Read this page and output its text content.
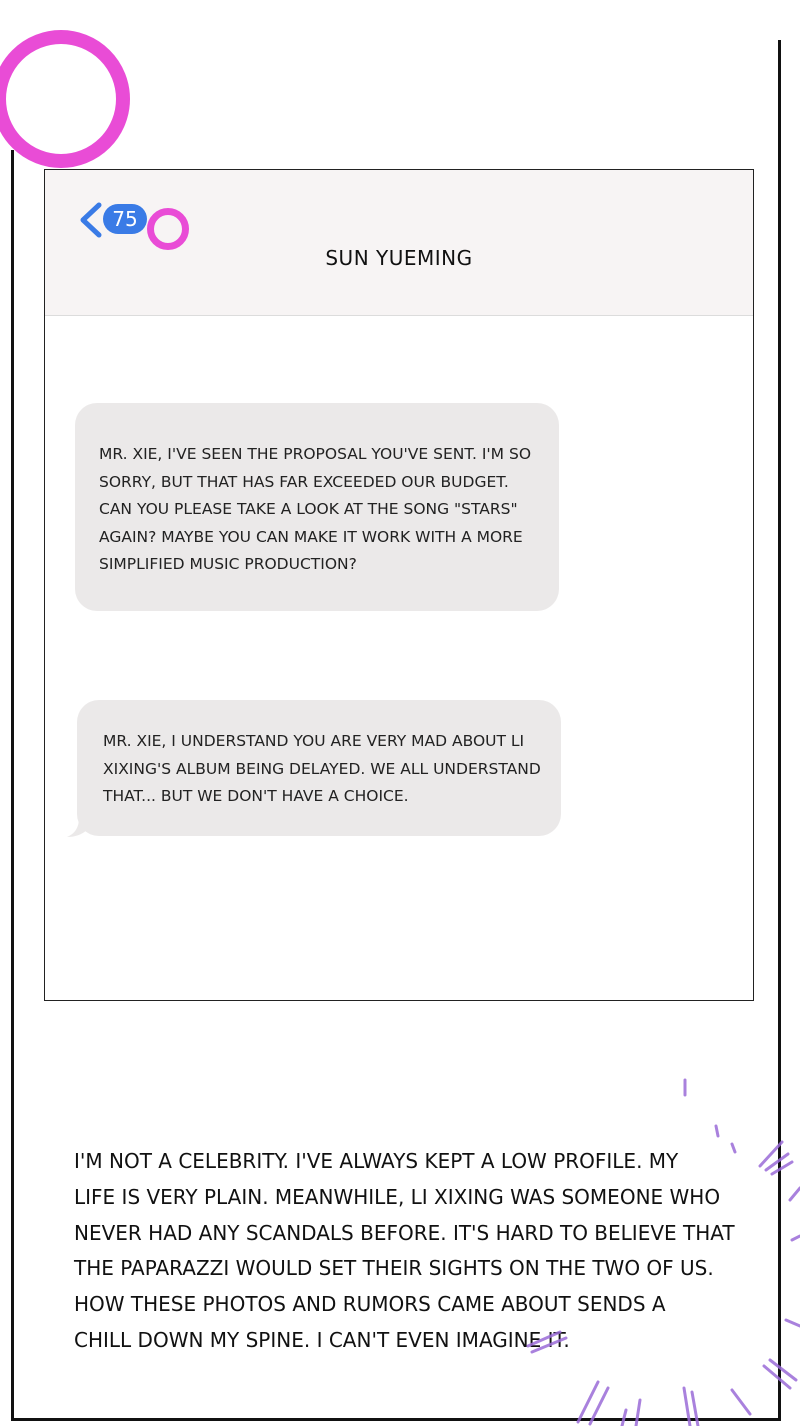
75
SUN YUEMING
MR. XIE, I'VE SEEN THE PROPOSAL YOU'VE SENT. I'M SO
SORRY, BUT THAT HAS FAR EXCEEDED OUR BUDGET.
CAN YOU PLEASE TAKE A LOOK AT THE SONG "STARS"
AGAIN? MAYBE YOU CAN MAKE IT WORK WITH A MORE
SIMPLIFIED MUSIC PRODUCTION?
MR. XIE, I UNDERSTAND YOU ARE VERY MAD ABOUT LI
XIXING'S ALBUM BEING DELAYED. WE ALL UNDERSTAND
THAT... BUT WE DON'T HAVE A CHOICE.
I'M NOT A CELEBRITY. I'VE ALWAYS KEPT A LOW PROFILE. MY
LIFE IS VERY PLAIN. MEANWHILE, LI XIXING WAS SOMEONE WHO
NEVER HAD ANY SCANDALS BEFORE. IT'S HARD TO BELIEVE THAT
THE PAPARAZZI WOULD SET THEIR SIGHTS ON THE TWO OF US.
HOW THESE PHOTOS AND RUMORS CAME ABOUT SENDS A
CHILL DOWN MY SPINE. I CAN'T EVEN IMAGINE IT.
